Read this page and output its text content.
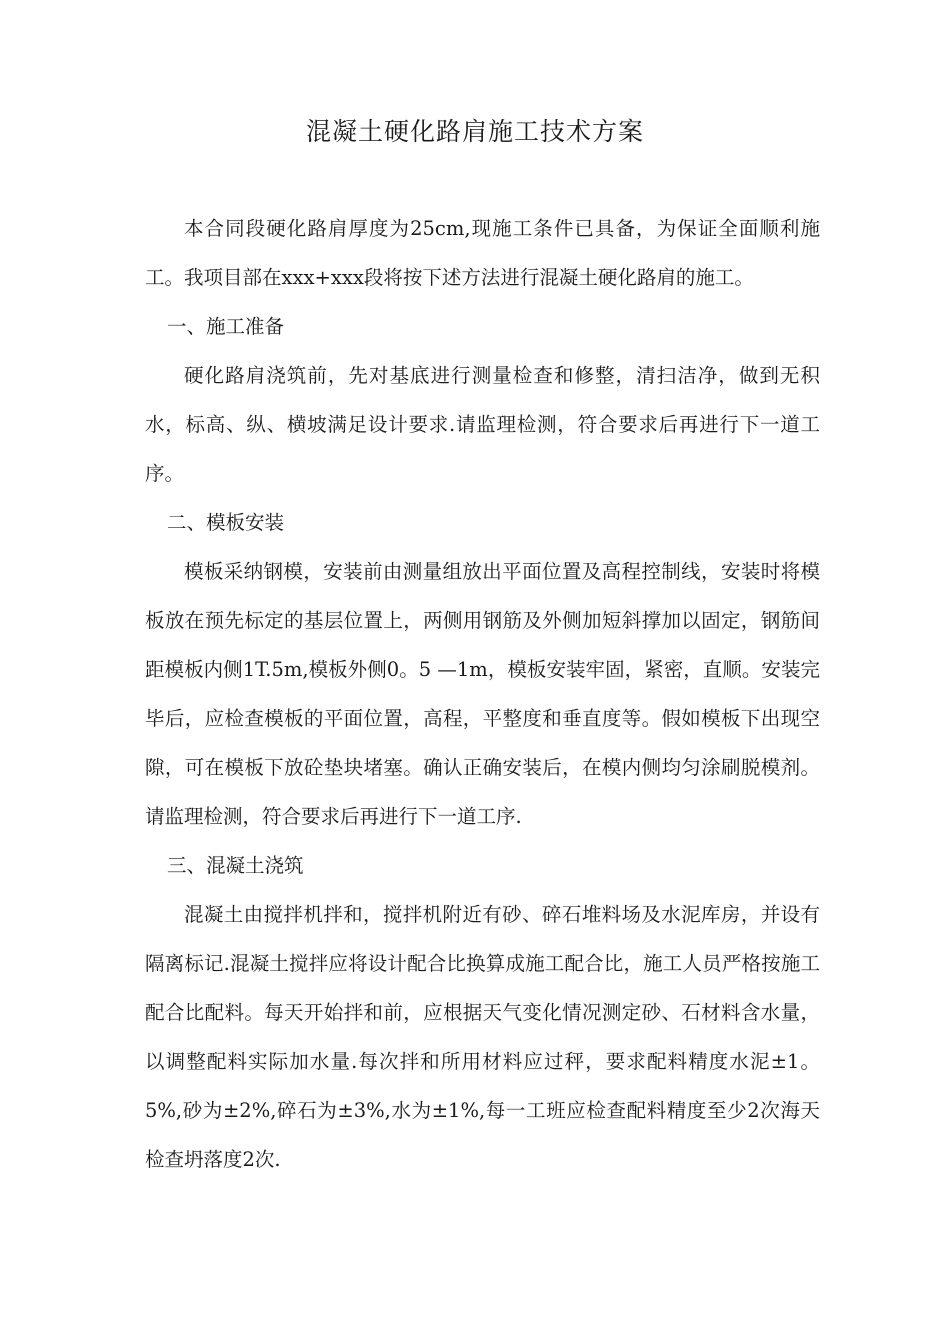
混凝土硬化路肩施工技术方案

本合同段硬化路肩厚度为25cm,现施工条件已具备，为保证全面顺利施工。我项目部在xxx+xxx段将按下述方法进行混凝土硬化路肩的施工。

一、施工准备

硬化路肩浇筑前，先对基底进行测量检查和修整，清扫洁净，做到无积水，标高、纵、横坡满足设计要求.请监理检测，符合要求后再进行下一道工序。

二、模板安装

模板采纳钢模，安装前由测量组放出平面位置及高程控制线，安装时将模板放在预先标定的基层位置上，两侧用钢筋及外侧加短斜撑加以固定，钢筋间距模板内侧1T.5m,模板外侧0。5 —1m，模板安装牢固，紧密，直顺。安装完毕后，应检查模板的平面位置，高程，平整度和垂直度等。假如模板下出现空隙，可在模板下放砼垫块堵塞。确认正确安装后，在模内侧均匀涂刷脱模剂。请监理检测，符合要求后再进行下一道工序.

三、混凝土浇筑

混凝土由搅拌机拌和，搅拌机附近有砂、碎石堆料场及水泥库房，并设有隔离标记.混凝土搅拌应将设计配合比换算成施工配合比，施工人员严格按施工配合比配料。每天开始拌和前，应根据天气变化情况测定砂、石材料含水量，以调整配料实际加水量.每次拌和所用材料应过秤，要求配料精度水泥±1。5%,砂为±2%,碎石为±3%,水为±1%,每一工班应检查配料精度至少2次海天检查坍落度2次.
